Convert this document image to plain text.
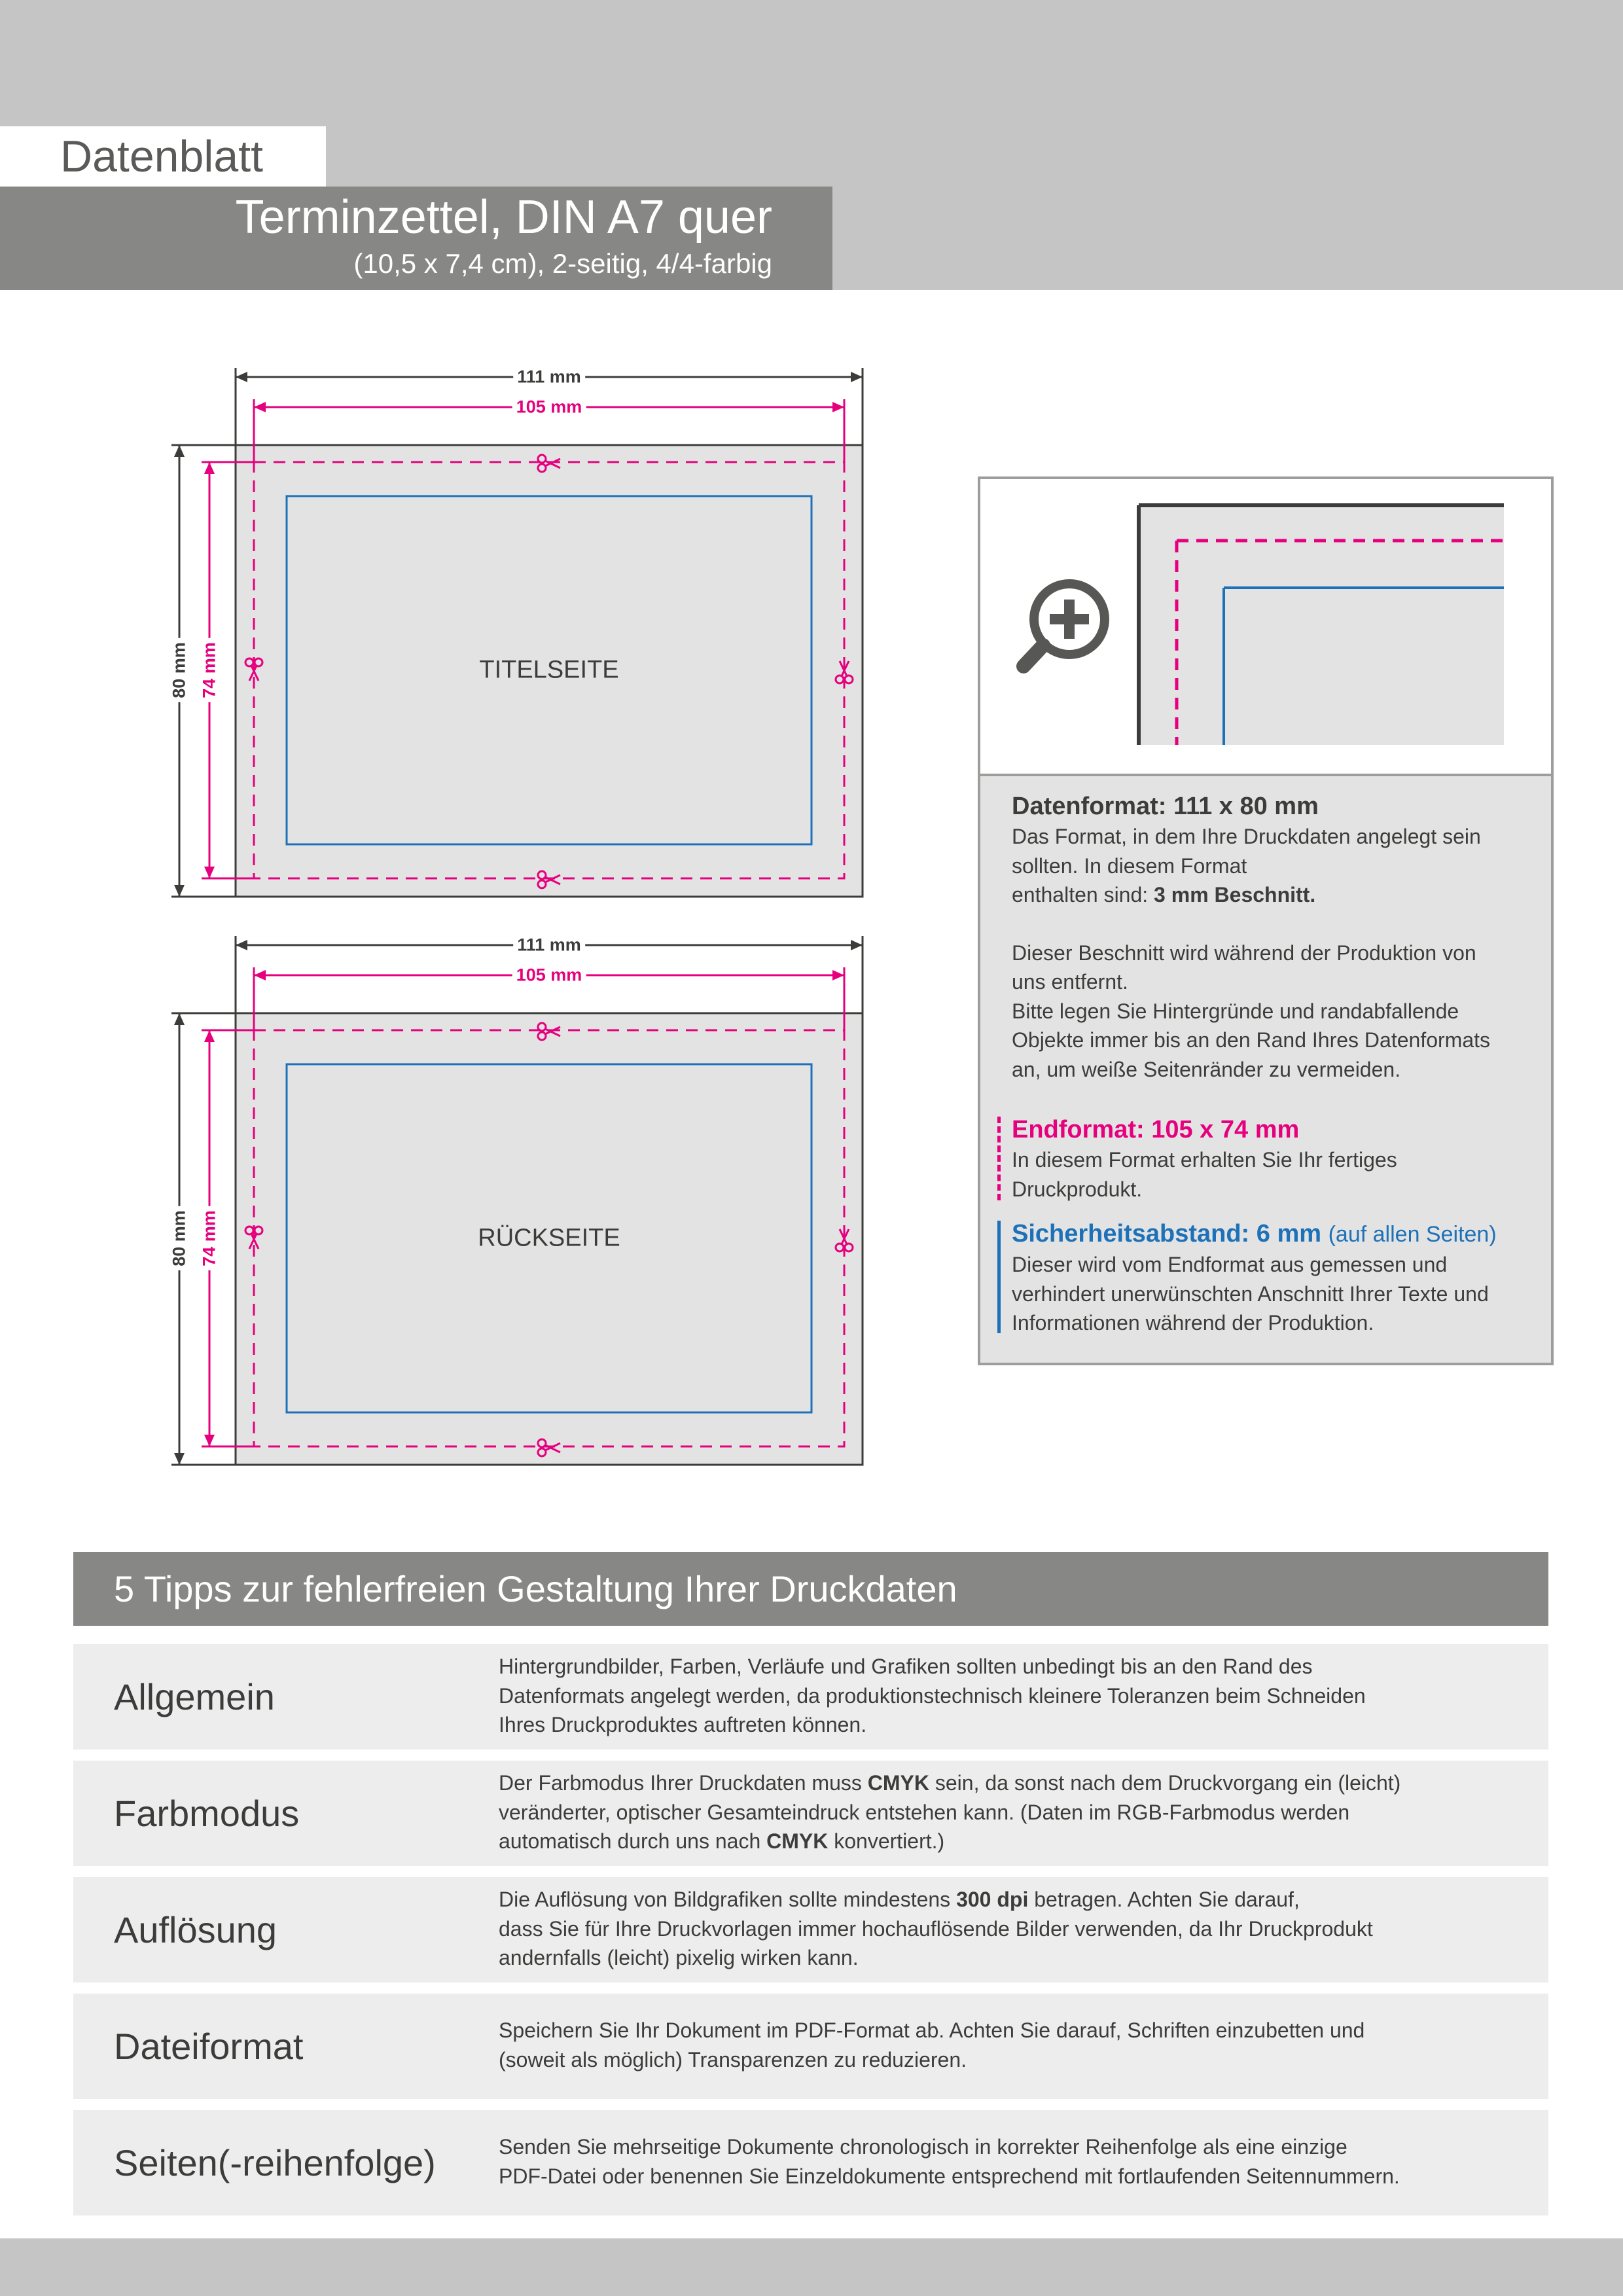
Datenblatt
Terminzettel, DIN A7 quer
(10,5 x 7,4 cm), 2-seitig, 4/4-farbig
TITELSEITE
111 mm
105 mm
80 mm 74 mm
RÜCKSEITE
111 mm
105 mm
80 mm 74 mm

Datenformat: 111 x 80 mm

Das Format, in dem Ihre Druckdaten angelegt sein

sollten. In diesem Format

enthalten sind: 3 mm Beschnitt.

Dieser Beschnitt wird während der Produktion von

uns entfernt.

Bitte legen Sie Hintergründe und randabfallende

Objekte immer bis an den Rand Ihres Datenformats

an, um weiße Seitenränder zu vermeiden.

Endformat: 105 x 74 mm

In diesem Format erhalten Sie Ihr fertiges

Druckprodukt.

Sicherheitsabstand: 6 mm (auf allen Seiten)

Dieser wird vom Endformat aus gemessen und

verhindert unerwünschten Anschnitt Ihrer Texte und

Informationen während der Produktion.

5 Tipps zur fehlerfreien Gestaltung Ihrer Druckdaten
Allgemein

Hintergrundbilder, Farben, Verläufe und Grafiken sollten unbedingt bis an den Rand des

Datenformats angelegt werden, da produktionstechnisch kleinere Toleranzen beim Schneiden

Ihres Druckproduktes auftreten können.

Farbmodus

Der Farbmodus Ihrer Druckdaten muss CMYK sein, da sonst nach dem Druckvorgang ein (leicht)

veränderter, optischer Gesamteindruck entstehen kann. (Daten im RGB-Farbmodus werden

automatisch durch uns nach CMYK konvertiert.)

Auflösung

Die Auflösung von Bildgrafiken sollte mindestens 300 dpi betragen. Achten Sie darauf,

dass Sie für Ihre Druckvorlagen immer hochauflösende Bilder verwenden, da Ihr Druckprodukt

andernfalls (leicht) pixelig wirken kann.

Dateiformat	Speichern Sie Ihr Dokument im PDF-Format ab. Achten Sie darauf, Schriften einzubetten und

(soweit als möglich) Transparenzen zu reduzieren.

Seiten(-reihenfolge)	Senden Sie mehrseitige Dokumente chronologisch in korrekter Reihenfolge als eine einzige

PDF-Datei oder benennen Sie Einzeldokumente entsprechend mit fortlaufenden Seitennummern.
